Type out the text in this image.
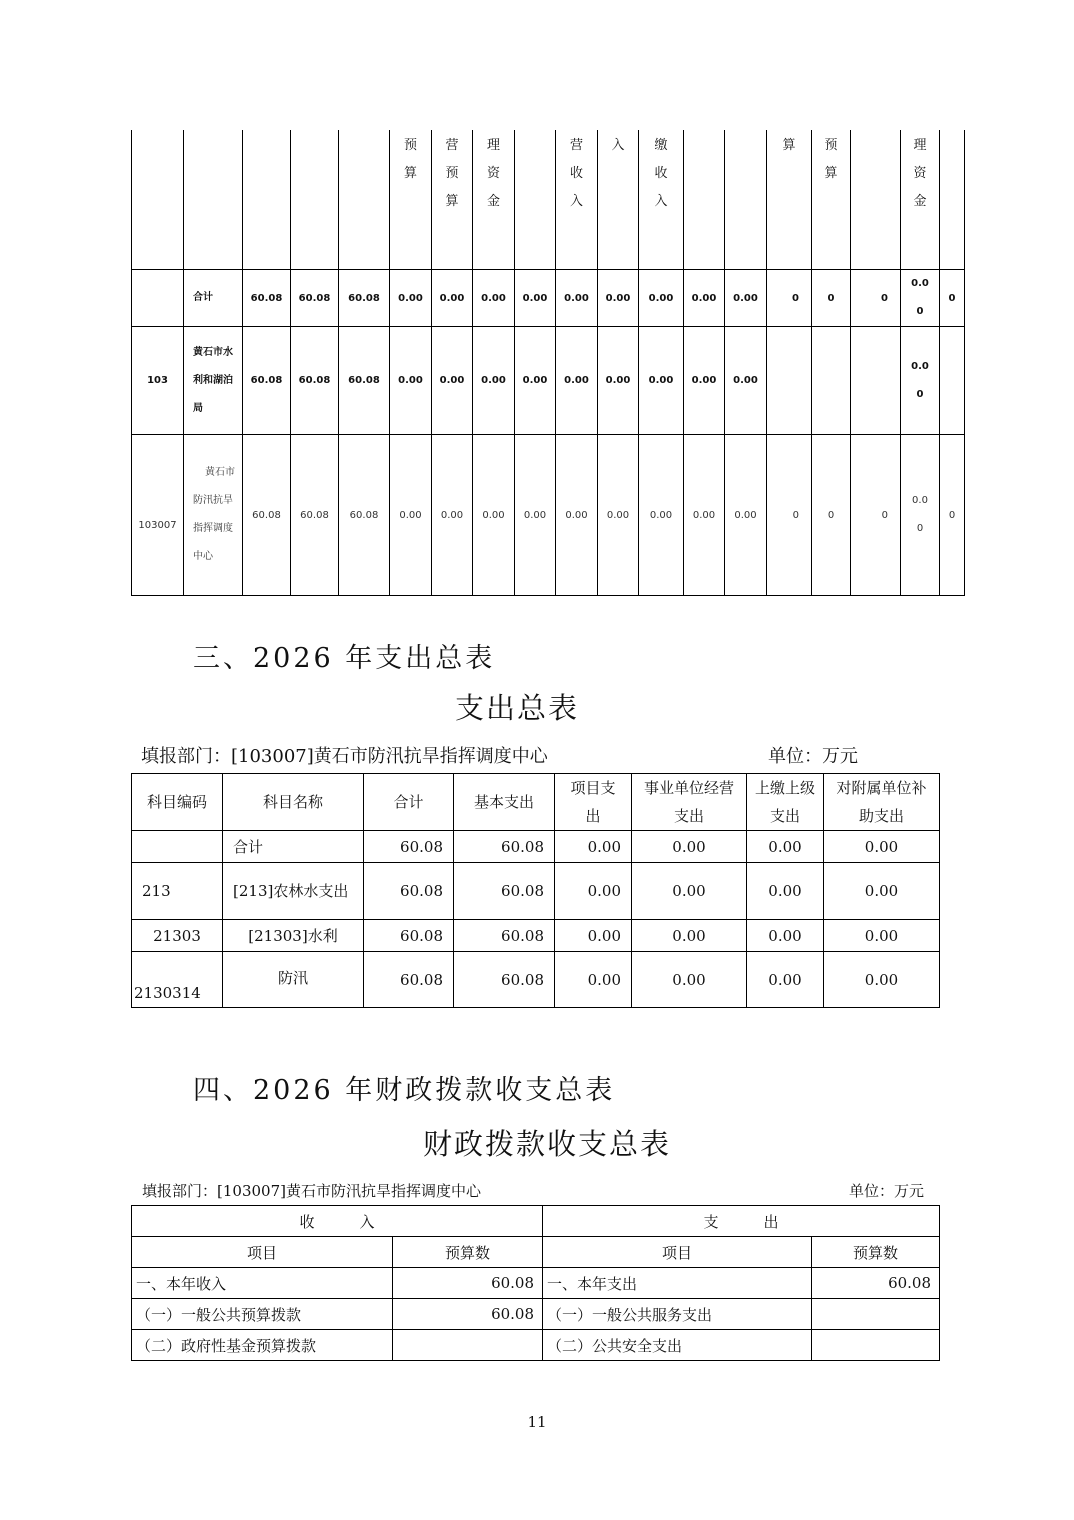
					预算	营预算	理资金		营收入	入	缴收入			算	预算		理资金	
	合计	60.08	60.08	60.08	0.00	0.00	0.00	0.00	0.00	0.00	0.00	0.00	0.00	0	0	0	0.00	0
103	黄石市水利和湖泊局	60.08	60.08	60.08	0.00	0.00	0.00	0.00	0.00	0.00	0.00	0.00	0.00				0.00	
103007	黄石市防汛抗旱指挥调度中心	60.08	60.08	60.08	0.00	0.00	0.00	0.00	0.00	0.00	0.00	0.00	0.00	0	0	0	0.00	0
三、2026 年支出总表
支出总表
填报部门：[103007]黄石市防汛抗旱指挥调度中心	单位：万元
科目编码	科目名称	合计	基本支出	项目支出	事业单位经营支出	上缴上级支出	对附属单位补助支出
	合计	60.08	60.08	0.00	0.00	0.00	0.00
213	[213]农林水支出	60.08	60.08	0.00	0.00	0.00	0.00
21303	[21303]水利	60.08	60.08	0.00	0.00	0.00	0.00
2130314	防汛	60.08	60.08	0.00	0.00	0.00	0.00
四、2026 年财政拨款收支总表
财政拨款收支总表
填报部门：[103007]黄石市防汛抗旱指挥调度中心	单位：万元
收　　　入		支　　　出	
项目	预算数	项目	预算数
一、本年收入	60.08	一、本年支出	60.08
（一）一般公共预算拨款	60.08	（一）一般公共服务支出	
（二）政府性基金预算拨款		（二）公共安全支出	
11
